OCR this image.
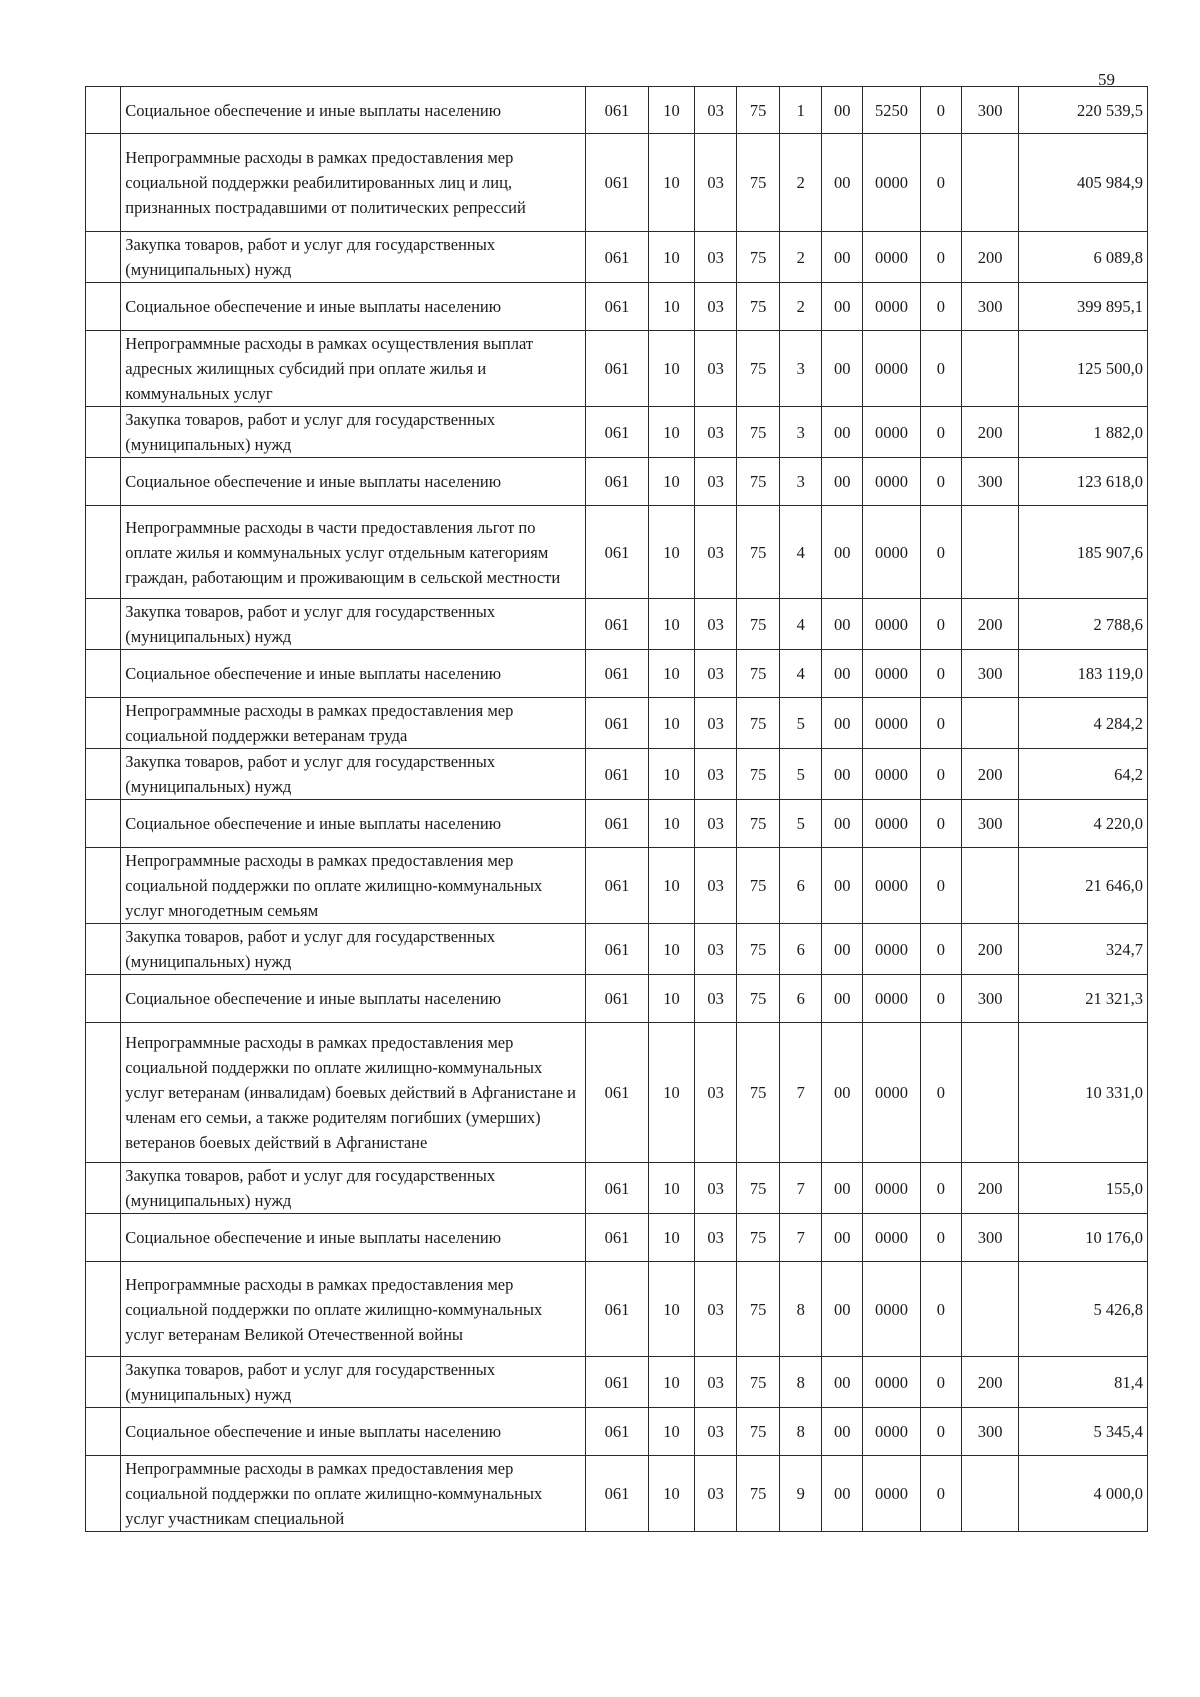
59
	Социальное обеспечение и иные выплаты населению	061	10	03	75	1	00	5250	0	300	220 539,5
	Непрограммные расходы в рамках предоставления мер социальной поддержки реабилитированных лиц и лиц, признанных пострадавшими от политических репрессий	061	10	03	75	2	00	0000	0		405 984,9
	Закупка товаров, работ и услуг для государственных (муниципальных) нужд	061	10	03	75	2	00	0000	0	200	6 089,8
	Социальное обеспечение и иные выплаты населению	061	10	03	75	2	00	0000	0	300	399 895,1
	Непрограммные расходы в рамках осуществления выплат адресных жилищных субсидий при оплате жилья и коммунальных услуг	061	10	03	75	3	00	0000	0		125 500,0
	Закупка товаров, работ и услуг для государственных (муниципальных) нужд	061	10	03	75	3	00	0000	0	200	1 882,0
	Социальное обеспечение и иные выплаты населению	061	10	03	75	3	00	0000	0	300	123 618,0
	Непрограммные расходы в части предоставления льгот по оплате жилья и коммунальных услуг отдельным категориям граждан, работающим и проживающим в сельской местности	061	10	03	75	4	00	0000	0		185 907,6
	Закупка товаров, работ и услуг для государственных (муниципальных) нужд	061	10	03	75	4	00	0000	0	200	2 788,6
	Социальное обеспечение и иные выплаты населению	061	10	03	75	4	00	0000	0	300	183 119,0
	Непрограммные расходы в рамках предоставления мер социальной поддержки ветеранам труда	061	10	03	75	5	00	0000	0		4 284,2
	Закупка товаров, работ и услуг для государственных (муниципальных) нужд	061	10	03	75	5	00	0000	0	200	64,2
	Социальное обеспечение и иные выплаты населению	061	10	03	75	5	00	0000	0	300	4 220,0
	Непрограммные расходы в рамках предоставления мер социальной поддержки по оплате жилищно-коммунальных услуг многодетным семьям	061	10	03	75	6	00	0000	0		21 646,0
	Закупка товаров, работ и услуг для государственных (муниципальных) нужд	061	10	03	75	6	00	0000	0	200	324,7
	Социальное обеспечение и иные выплаты населению	061	10	03	75	6	00	0000	0	300	21 321,3
	Непрограммные расходы в рамках предоставления мер социальной поддержки по оплате жилищно-коммунальных услуг ветеранам (инвалидам) боевых действий в Афганистане и членам его семьи, а также родителям погибших (умерших) ветеранов боевых действий в Афганистане	061	10	03	75	7	00	0000	0		10 331,0
	Закупка товаров, работ и услуг для государственных (муниципальных) нужд	061	10	03	75	7	00	0000	0	200	155,0
	Социальное обеспечение и иные выплаты населению	061	10	03	75	7	00	0000	0	300	10 176,0
	Непрограммные расходы в рамках предоставления мер социальной поддержки по оплате жилищно-коммунальных услуг ветеранам Великой Отечественной войны	061	10	03	75	8	00	0000	0		5 426,8
	Закупка товаров, работ и услуг для государственных (муниципальных) нужд	061	10	03	75	8	00	0000	0	200	81,4
	Социальное обеспечение и иные выплаты населению	061	10	03	75	8	00	0000	0	300	5 345,4
	Непрограммные расходы в рамках предоставления мер социальной поддержки по оплате жилищно-коммунальных услуг участникам специальной	061	10	03	75	9	00	0000	0		4 000,0
